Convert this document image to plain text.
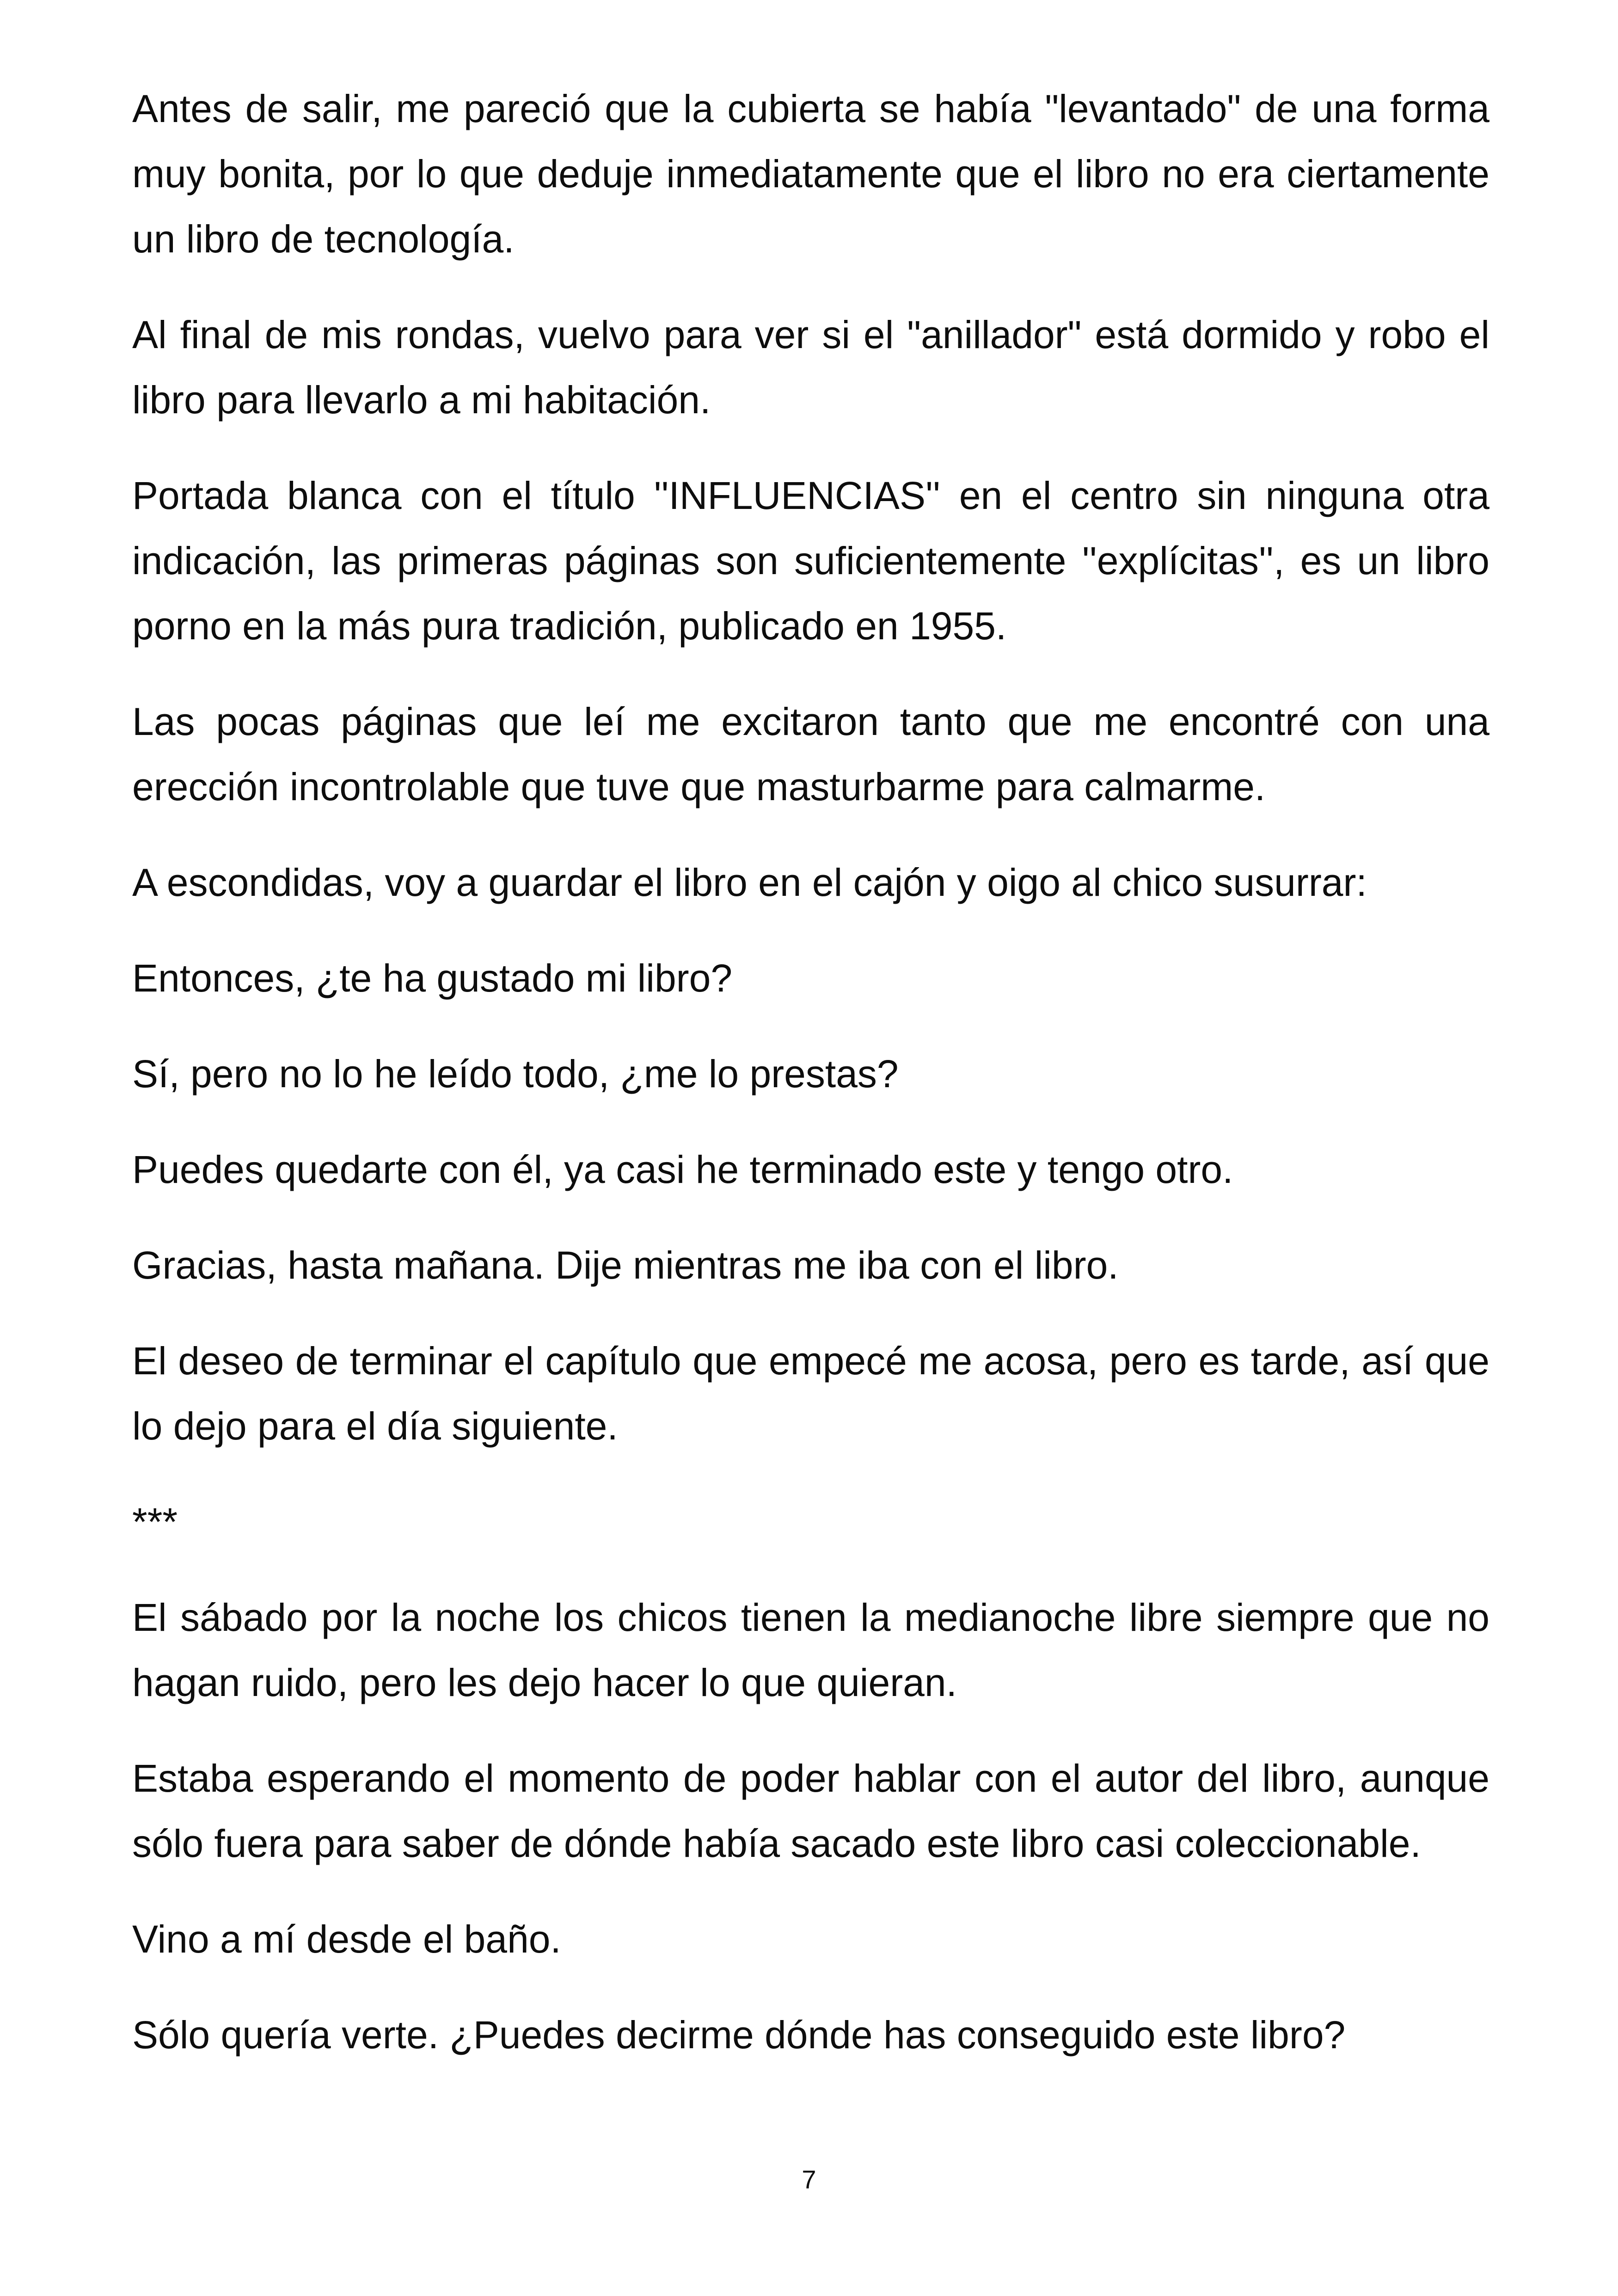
Antes de salir, me pareció que la cubierta se había "levantado" de una forma muy bonita, por lo que deduje inmediatamente que el libro no era ciertamente un libro de tecnología.

Al final de mis rondas, vuelvo para ver si el "anillador" está dormido y robo el libro para llevarlo a mi habitación.

Portada blanca con el título ''INFLUENCIAS'' en el centro sin ninguna otra indicación, las primeras páginas son suficientemente ''explícitas'', es un libro porno en la más pura tradición, publicado en 1955.

Las pocas páginas que leí me excitaron tanto que me encontré con una erección incontrolable que tuve que masturbarme para calmarme.

A escondidas, voy a guardar el libro en el cajón y oigo al chico susurrar:

Entonces, ¿te ha gustado mi libro?

Sí, pero no lo he leído todo, ¿me lo prestas?

Puedes quedarte con él, ya casi he terminado este y tengo otro.

Gracias, hasta mañana. Dije mientras me iba con el libro.

El deseo de terminar el capítulo que empecé me acosa, pero es tarde, así que lo dejo para el día siguiente.

***

El sábado por la noche los chicos tienen la medianoche libre siempre que no hagan ruido, pero les dejo hacer lo que quieran.

Estaba esperando el momento de poder hablar con el autor del libro, aunque sólo fuera para saber de dónde había sacado este libro casi coleccionable.

Vino a mí desde el baño.

Sólo quería verte. ¿Puedes decirme dónde has conseguido este libro?

7
